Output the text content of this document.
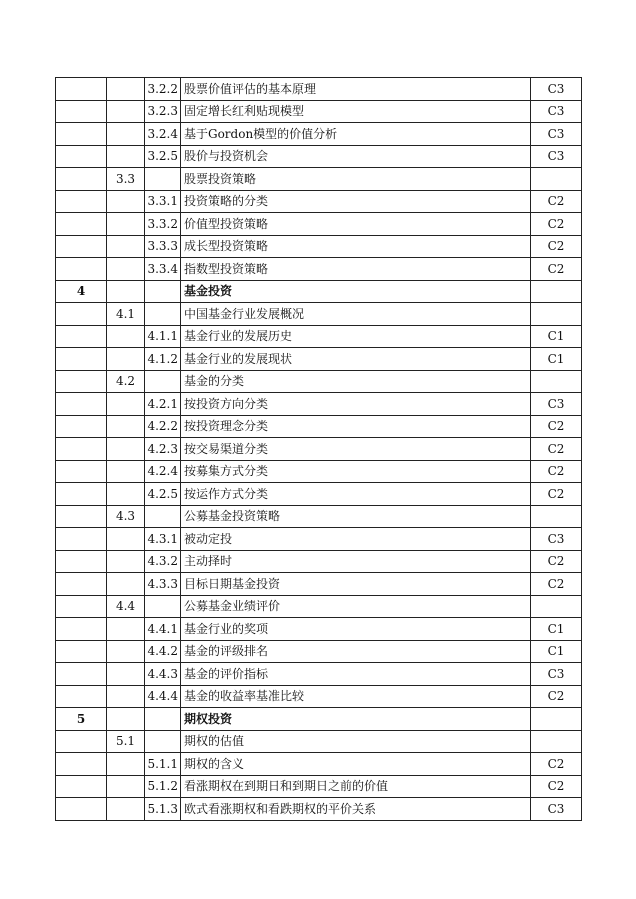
		3.2.2	股票价值评估的基本原理	C3
		3.2.3	固定增长红利贴现模型	C3
		3.2.4	基于Gordon模型的价值分析	C3
		3.2.5	股价与投资机会	C3
	3.3		股票投资策略	
		3.3.1	投资策略的分类	C2
		3.3.2	价值型投资策略	C2
		3.3.3	成长型投资策略	C2
		3.3.4	指数型投资策略	C2
4			基金投资	
	4.1		中国基金行业发展概况	
		4.1.1	基金行业的发展历史	C1
		4.1.2	基金行业的发展现状	C1
	4.2		基金的分类	
		4.2.1	按投资方向分类	C3
		4.2.2	按投资理念分类	C2
		4.2.3	按交易渠道分类	C2
		4.2.4	按募集方式分类	C2
		4.2.5	按运作方式分类	C2
	4.3		公募基金投资策略	
		4.3.1	被动定投	C3
		4.3.2	主动择时	C2
		4.3.3	目标日期基金投资	C2
	4.4		公募基金业绩评价	
		4.4.1	基金行业的奖项	C1
		4.4.2	基金的评级排名	C1
		4.4.3	基金的评价指标	C3
		4.4.4	基金的收益率基准比较	C2
5			期权投资	
	5.1		期权的估值	
		5.1.1	期权的含义	C2
		5.1.2	看涨期权在到期日和到期日之前的价值	C2
		5.1.3	欧式看涨期权和看跌期权的平价关系	C3
